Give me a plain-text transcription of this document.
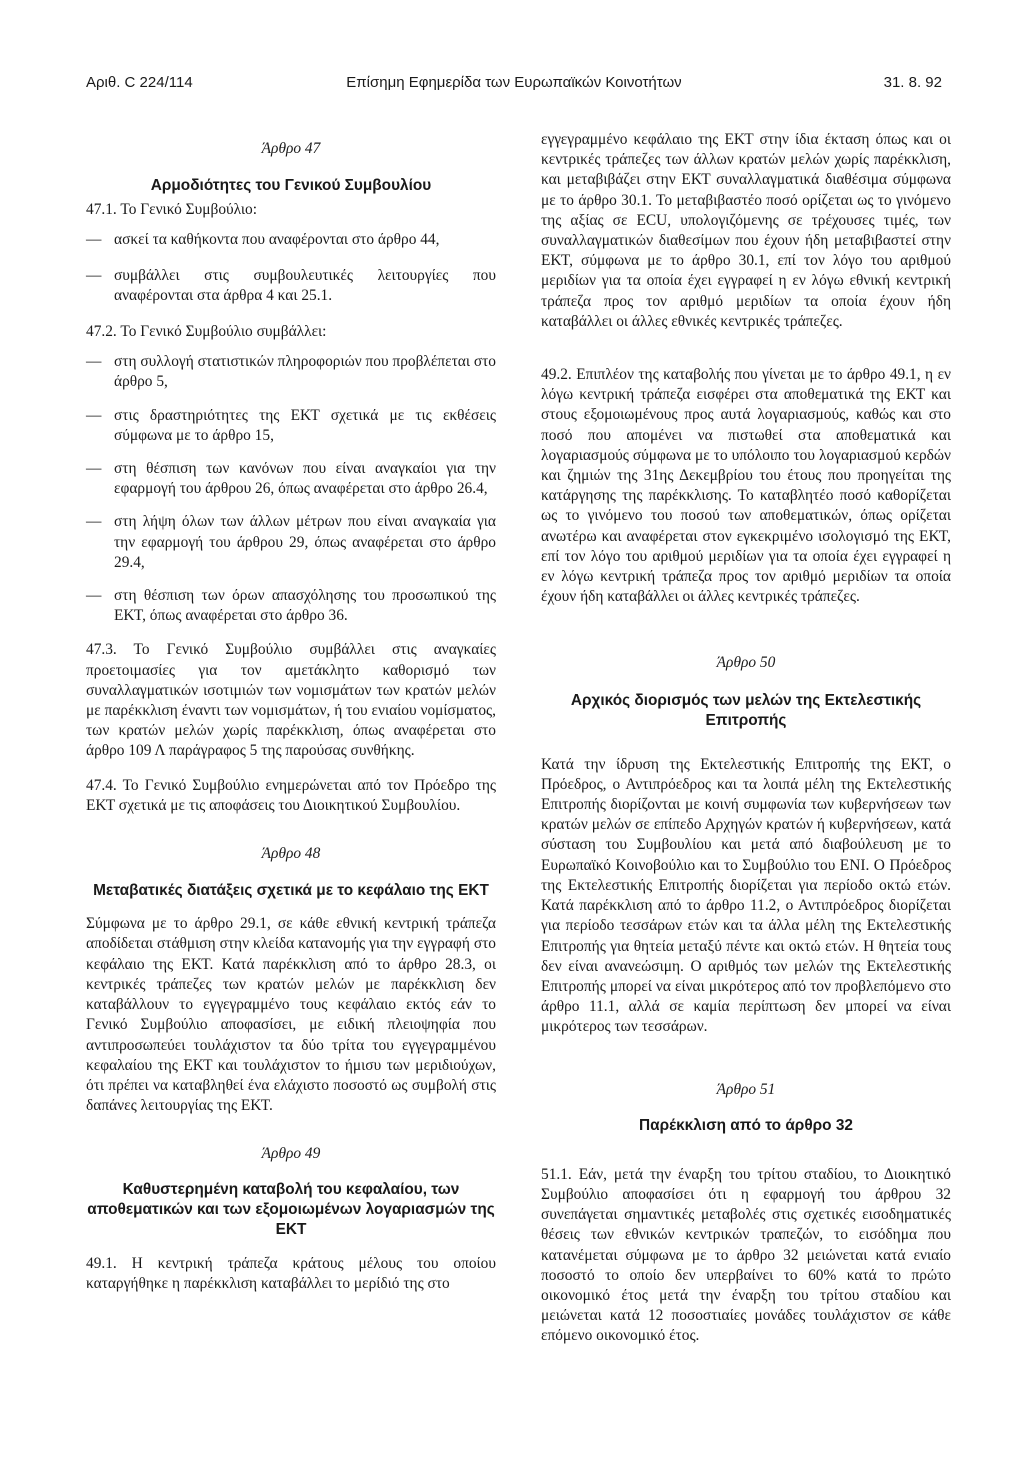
Αριθ. C 224/114	Επίσημη Εφημερίδα των Ευρωπαϊκών Κοινοτήτων	31. 8. 92

Άρθρο 47

Αρμοδιότητες του Γενικού Συμβουλίου

47.1. Το Γενικό Συμβούλιο:

— ασκεί τα καθήκοντα που αναφέρονται στο άρθρο 44,
— συμβάλλει στις συμβουλευτικές λειτουργίες που αναφέρονται στα άρθρα 4 και 25.1.

47.2. Το Γενικό Συμβούλιο συμβάλλει:

— στη συλλογή στατιστικών πληροφοριών που προβλέπεται στο άρθρο 5,
— στις δραστηριότητες της ΕΚΤ σχετικά με τις εκθέσεις σύμφωνα με το άρθρο 15,
— στη θέσπιση των κανόνων που είναι αναγκαίοι για την εφαρμογή του άρθρου 26, όπως αναφέρεται στο άρθρο 26.4,
— στη λήψη όλων των άλλων μέτρων που είναι αναγκαία για την εφαρμογή του άρθρου 29, όπως αναφέρεται στο άρθρο 29.4,
— στη θέσπιση των όρων απασχόλησης του προσωπικού της ΕΚΤ, όπως αναφέρεται στο άρθρο 36.

47.3. Το Γενικό Συμβούλιο συμβάλλει στις αναγκαίες προετοιμασίες για τον αμετάκλητο καθορισμό των συναλλαγματικών ισοτιμιών των νομισμάτων των κρατών μελών με παρέκκλιση έναντι των νομισμάτων, ή του ενιαίου νομίσματος, των κρατών μελών χωρίς παρέκκλιση, όπως αναφέρεται στο άρθρο 109 Λ παράγραφος 5 της παρούσας συνθήκης.

47.4. Το Γενικό Συμβούλιο ενημερώνεται από τον Πρόεδρο της ΕΚΤ σχετικά με τις αποφάσεις του Διοικητικού Συμβουλίου.

Άρθρο 48

Μεταβατικές διατάξεις σχετικά με το κεφάλαιο της ΕΚΤ

Σύμφωνα με το άρθρο 29.1, σε κάθε εθνική κεντρική τράπεζα αποδίδεται στάθμιση στην κλείδα κατανομής για την εγγραφή στο κεφάλαιο της ΕΚΤ. Κατά παρέκκλιση από το άρθρο 28.3, οι κεντρικές τράπεζες των κρατών μελών με παρέκκλιση δεν καταβάλλουν το εγγεγραμμένο τους κεφάλαιο εκτός εάν το Γενικό Συμβούλιο αποφασίσει, με ειδική πλειοψηφία που αντιπροσωπεύει τουλάχιστον τα δύο τρίτα του εγγεγραμμένου κεφαλαίου της ΕΚΤ και τουλάχιστον το ήμισυ των μεριδιούχων, ότι πρέπει να καταβληθεί ένα ελάχιστο ποσοστό ως συμβολή στις δαπάνες λειτουργίας της ΕΚΤ.

Άρθρο 49

Καθυστερημένη καταβολή του κεφαλαίου, των αποθεματικών και των εξομοιωμένων λογαριασμών της ΕΚΤ

49.1. Η κεντρική τράπεζα κράτους μέλους του οποίου καταργήθηκε η παρέκκλιση καταβάλλει το μερίδιό της στο

εγγεγραμμένο κεφάλαιο της ΕΚΤ στην ίδια έκταση όπως και οι κεντρικές τράπεζες των άλλων κρατών μελών χωρίς παρέκκλιση, και μεταβιβάζει στην ΕΚΤ συναλλαγματικά διαθέσιμα σύμφωνα με το άρθρο 30.1. Το μεταβιβαστέο ποσό ορίζεται ως το γινόμενο της αξίας σε ECU, υπολογιζόμενης σε τρέχουσες τιμές, των συναλλαγματικών διαθεσίμων που έχουν ήδη μεταβιβαστεί στην ΕΚΤ, σύμφωνα με το άρθρο 30.1, επί τον λόγο του αριθμού μεριδίων για τα οποία έχει εγγραφεί η εν λόγω εθνική κεντρική τράπεζα προς τον αριθμό μεριδίων τα οποία έχουν ήδη καταβάλλει οι άλλες εθνικές κεντρικές τράπεζες.

49.2. Επιπλέον της καταβολής που γίνεται με το άρθρο 49.1, η εν λόγω κεντρική τράπεζα εισφέρει στα αποθεματικά της ΕΚΤ και στους εξομοιωμένους προς αυτά λογαριασμούς, καθώς και στο ποσό που απομένει να πιστωθεί στα αποθεματικά και λογαριασμούς σύμφωνα με το υπόλοιπο του λογαριασμού κερδών και ζημιών της 31ης Δεκεμβρίου του έτους που προηγείται της κατάργησης της παρέκκλισης. Το καταβλητέο ποσό καθορίζεται ως το γινόμενο του ποσού των αποθεματικών, όπως ορίζεται ανωτέρω και αναφέρεται στον εγκεκριμένο ισολογισμό της ΕΚΤ, επί τον λόγο του αριθμού μεριδίων για τα οποία έχει εγγραφεί η εν λόγω κεντρική τράπεζα προς τον αριθμό μεριδίων τα οποία έχουν ήδη καταβάλλει οι άλλες κεντρικές τράπεζες.

Άρθρο 50

Αρχικός διορισμός των μελών της Εκτελεστικής Επιτροπής

Κατά την ίδρυση της Εκτελεστικής Επιτροπής της ΕΚΤ, ο Πρόεδρος, ο Αντιπρόεδρος και τα λοιπά μέλη της Εκτελεστικής Επιτροπής διορίζονται με κοινή συμφωνία των κυβερνήσεων των κρατών μελών σε επίπεδο Αρχηγών κρατών ή κυβερνήσεων, κατά σύσταση του Συμβουλίου και μετά από διαβούλευση με το Ευρωπαϊκό Κοινοβούλιο και το Συμβούλιο του ΕΝΙ. Ο Πρόεδρος της Εκτελεστικής Επιτροπής διορίζεται για περίοδο οκτώ ετών. Κατά παρέκκλιση από το άρθρο 11.2, ο Αντιπρόεδρος διορίζεται για περίοδο τεσσάρων ετών και τα άλλα μέλη της Εκτελεστικής Επιτροπής για θητεία μεταξύ πέντε και οκτώ ετών. Η θητεία τους δεν είναι ανανεώσιμη. Ο αριθμός των μελών της Εκτελεστικής Επιτροπής μπορεί να είναι μικρότερος από τον προβλεπόμενο στο άρθρο 11.1, αλλά σε καμία περίπτωση δεν μπορεί να είναι μικρότερος των τεσσάρων.

Άρθρο 51

Παρέκκλιση από το άρθρο 32

51.1. Εάν, μετά την έναρξη του τρίτου σταδίου, το Διοικητικό Συμβούλιο αποφασίσει ότι η εφαρμογή του άρθρου 32 συνεπάγεται σημαντικές μεταβολές στις σχετικές εισοδηματικές θέσεις των εθνικών κεντρικών τραπεζών, το εισόδημα που κατανέμεται σύμφωνα με το άρθρο 32 μειώνεται κατά ενιαίο ποσοστό το οποίο δεν υπερβαίνει το 60% κατά το πρώτο οικονομικό έτος μετά την έναρξη του τρίτου σταδίου και μειώνεται κατά 12 ποσοστιαίες μονάδες τουλάχιστον σε κάθε επόμενο οικονομικό έτος.
